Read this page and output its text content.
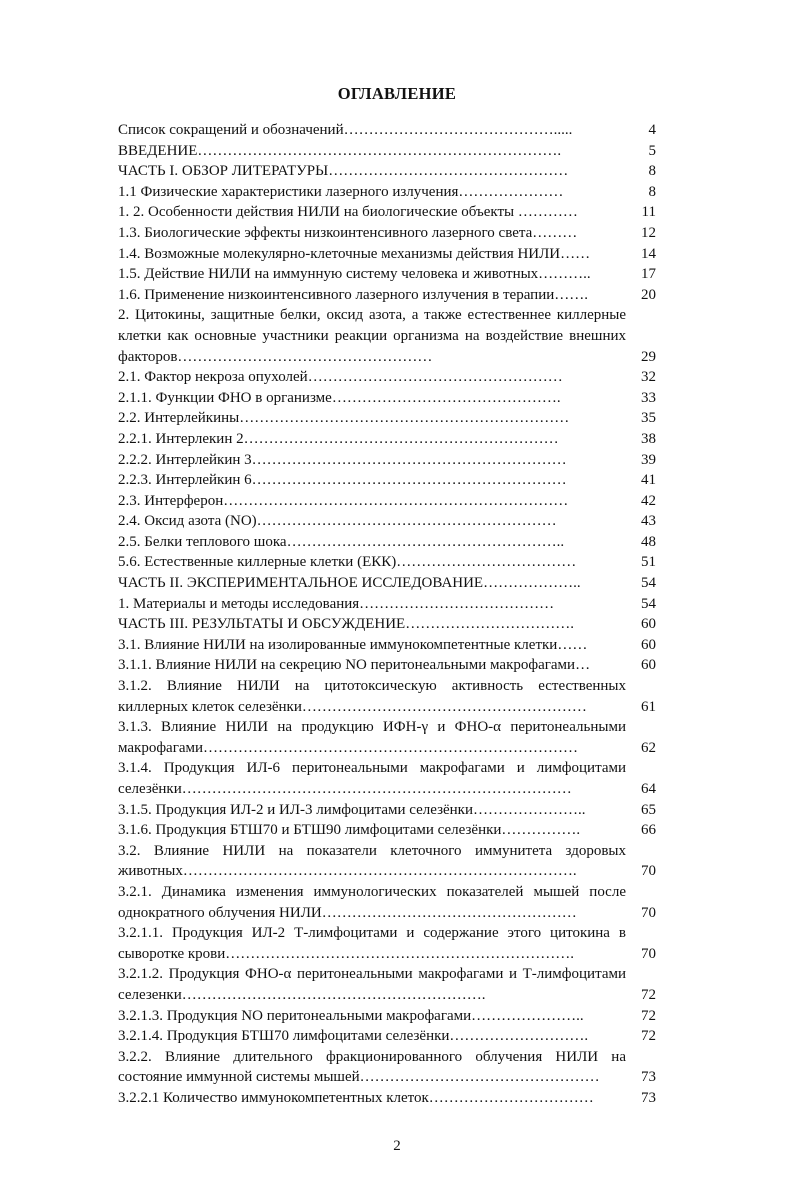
ОГЛАВЛЕНИЕ
Список сокращений и обозначений…………………………………….....	4
ВВЕДЕНИЕ……………………………………………………………….	5
ЧАСТЬ I. ОБЗОР ЛИТЕРАТУРЫ…………………………………………	8
1.1 Физические характеристики лазерного излучения…………………	8
1. 2. Особенности действия НИЛИ на биологические объекты …………	11
1.3. Биологические эффекты низкоинтенсивного лазерного света………	12
1.4. Возможные молекулярно-клеточные механизмы действия НИЛИ……	14
1.5. Действие НИЛИ на иммунную систему человека и животных………..	17
1.6. Применение низкоинтенсивного лазерного излучения в терапии…….	20
2. Цитокины, защитные белки, оксид азота, а также естественнее киллерные клетки как основные участники реакции организма на воздействие внешних факторов……………………………………………	29
2.1. Фактор некроза опухолей……………………………………………	32
2.1.1. Функции ФНО в организме……………………………………….	33
2.2. Интерлейкины…………………………………………………………	35
2.2.1. Интерлекин 2………………………………………………………	38
2.2.2. Интерлейкин 3………………………………………………………	39
2.2.3. Интерлейкин 6………………………………………………………	41
2.3. Интерферон……………………………………………………………	42
2.4. Оксид азота (NO)……………………………………………………	43
2.5. Белки теплового шока………………………………………………..	48
5.6. Естественные киллерные клетки (ЕКК)………………………………	51
ЧАСТЬ II. ЭКСПЕРИМЕНТАЛЬНОЕ ИССЛЕДОВАНИЕ………………..	54
1. Материалы и методы исследования…………………………………	54
ЧАСТЬ III. РЕЗУЛЬТАТЫ И ОБСУЖДЕНИЕ…………………………….	60
3.1. Влияние НИЛИ на изолированные иммунокомпетентные клетки……	60
3.1.1. Влияние НИЛИ на секрецию NO перитонеальными макрофагами…	60
3.1.2. Влияние НИЛИ на цитотоксическую активность естественных киллерных клеток селезёнки…………………………………………………	61
3.1.3. Влияние НИЛИ на продукцию ИФН-γ и ФНО-α перитонеальными макрофагами…………………………………………………………………	62
3.1.4. Продукция ИЛ-6 перитонеальными макрофагами и лимфоцитами селезёнки……………………………………………………………………	64
3.1.5. Продукция ИЛ-2 и ИЛ-3 лимфоцитами селезёнки…………………..	65
3.1.6. Продукция БТШ70 и БТШ90 лимфоцитами селезёнки…………….	66
3.2. Влияние НИЛИ на показатели клеточного иммунитета здоровых животных…………………………………………………………………….	70
3.2.1. Динамика изменения иммунологических показателей мышей после однократного облучения НИЛИ……………………………………………	70
3.2.1.1. Продукция ИЛ-2 Т-лимфоцитами и содержание этого цитокина в сыворотке крови…………………………………………………………….	70
3.2.1.2. Продукция ФНО-α перитонеальными макрофагами и Т-лимфоцитами селезенки…………………………………………………….	72
3.2.1.3. Продукция NO перитонеальными макрофагами…………………..	72
3.2.1.4. Продукция БТШ70 лимфоцитами селезёнки……………………….	72
3.2.2. Влияние длительного фракционированного облучения НИЛИ на состояние иммунной системы мышей…………………………………………	73
3.2.2.1 Количество иммунокомпетентных клеток……………………………	73
2
